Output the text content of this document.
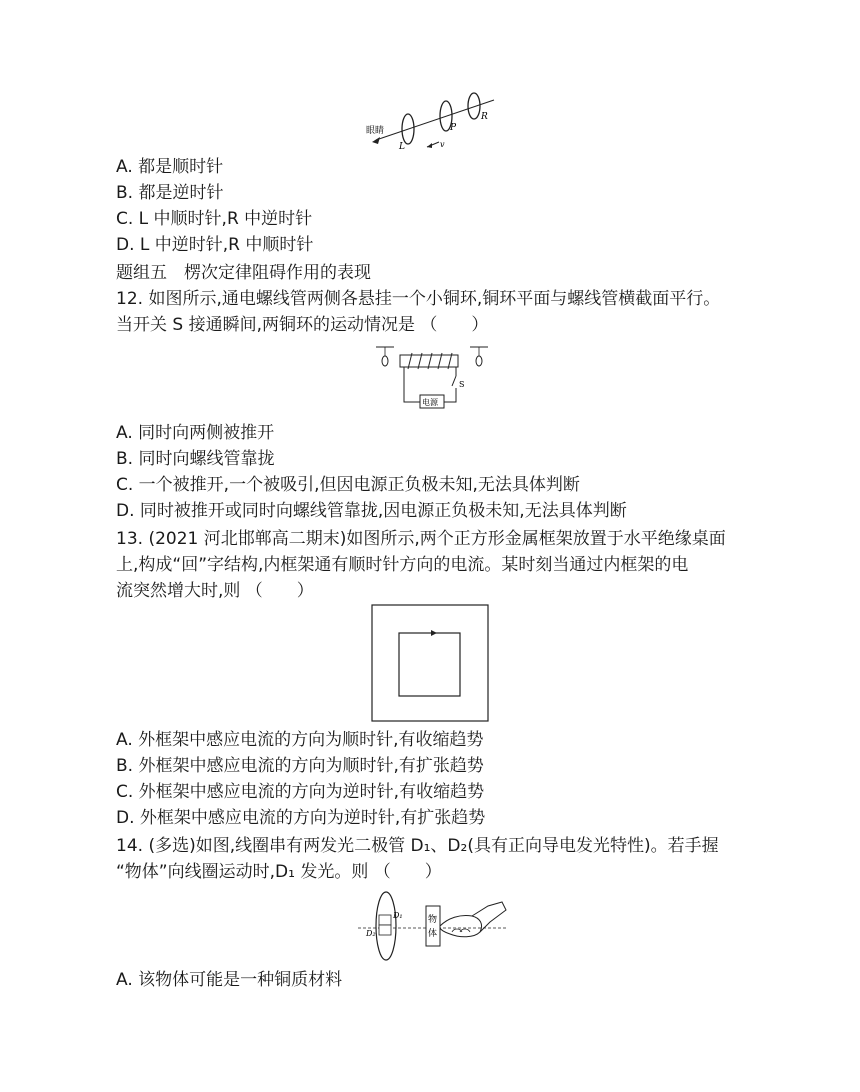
眼睛
L
P
R
v
A. 都是顺时针
B. 都是逆时针
C. L 中顺时针,R 中逆时针
D. L 中逆时针,R 中顺时针
题组五　楞次定律阻碍作用的表现
12. 如图所示,通电螺线管两侧各悬挂一个小铜环,铜环平面与螺线管横截面平行。
当开关 S 接通瞬间,两铜环的运动情况是 （　　）
S
电源
A. 同时向两侧被推开
B. 同时向螺线管靠拢
C. 一个被推开,一个被吸引,但因电源正负极未知,无法具体判断
D. 同时被推开或同时向螺线管靠拢,因电源正负极未知,无法具体判断
13. (2021 河北邯郸高二期末)如图所示,两个正方形金属框架放置于水平绝缘桌面
上,构成“回”字结构,内框架通有顺时针方向的电流。某时刻当通过内框架的电
流突然增大时,则 （　　）
A. 外框架中感应电流的方向为顺时针,有收缩趋势
B. 外框架中感应电流的方向为顺时针,有扩张趋势
C. 外框架中感应电流的方向为逆时针,有收缩趋势
D. 外框架中感应电流的方向为逆时针,有扩张趋势
14. (多选)如图,线圈串有两发光二极管 D₁、D₂(具有正向导电发光特性)。若手握
“物体”向线圈运动时,D₁ 发光。则 （　　）
D₁
D₂
物
体
A. 该物体可能是一种铜质材料
